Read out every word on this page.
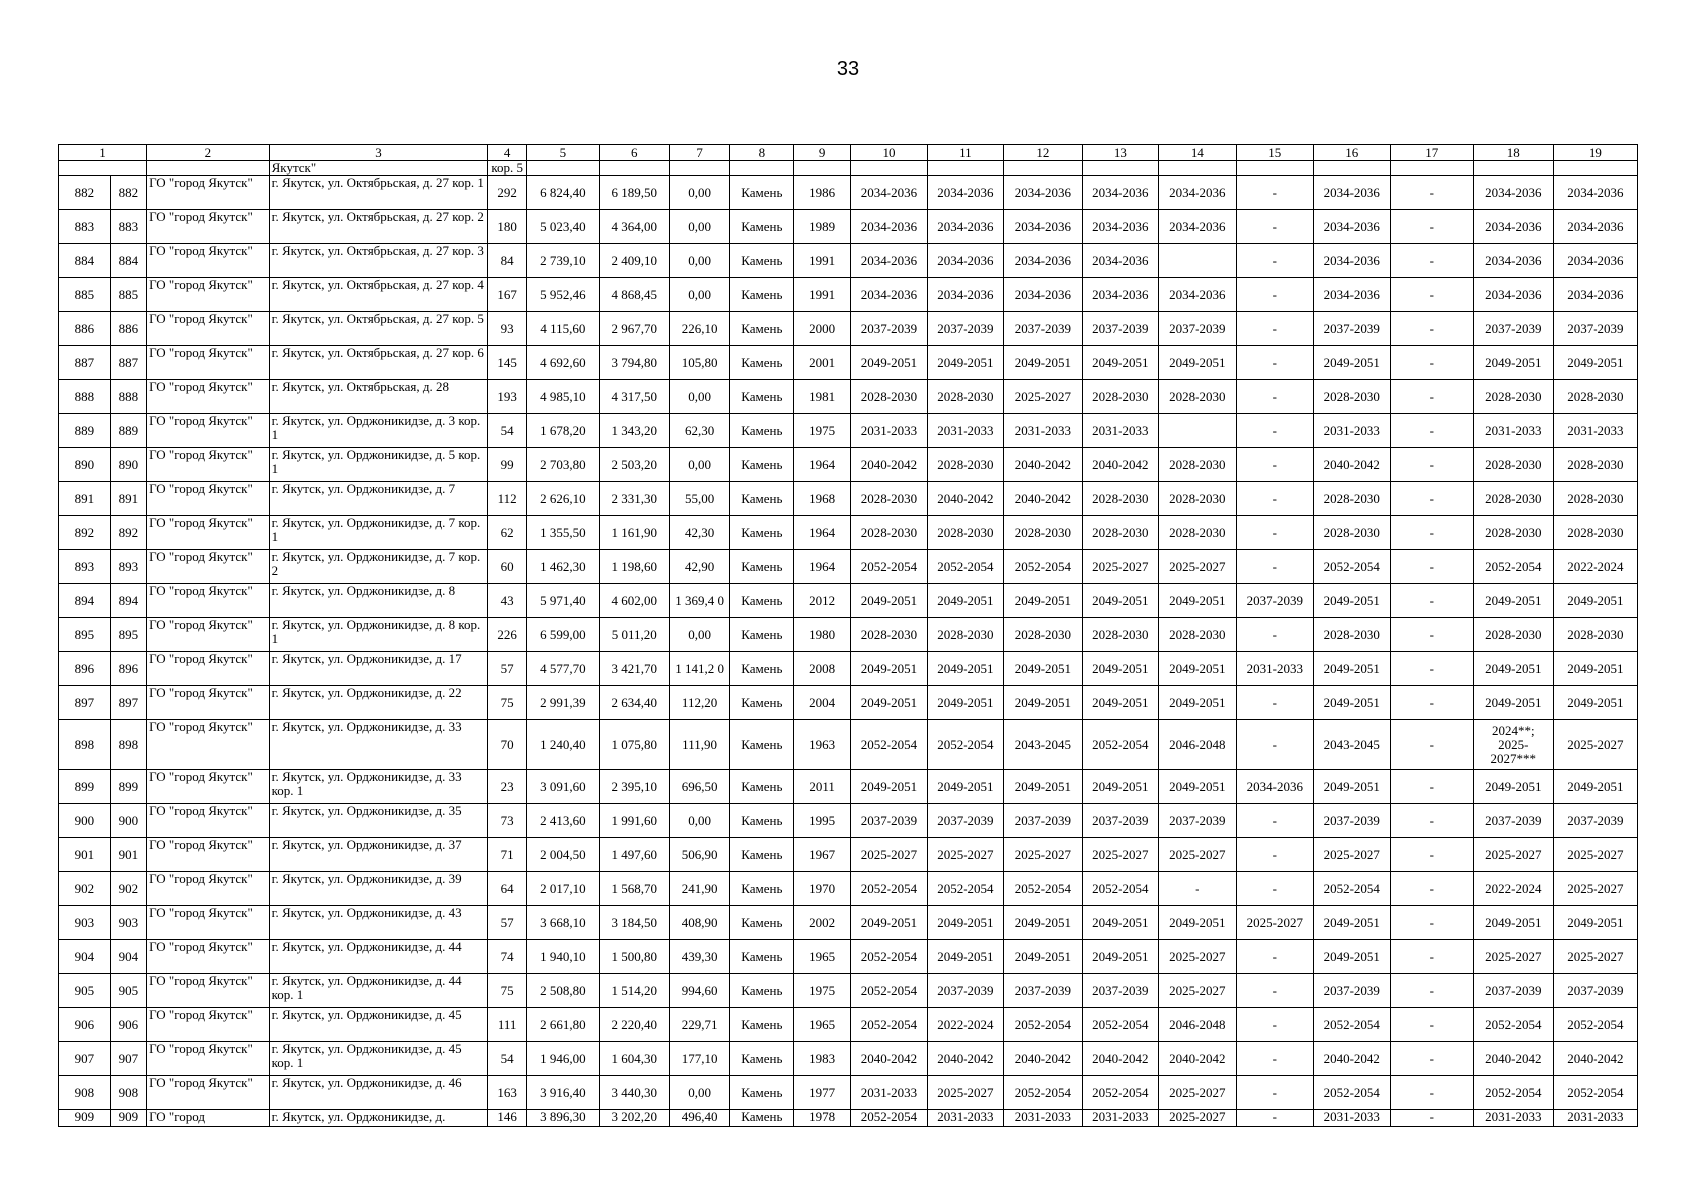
33
1		2	3	4	5	6	7	8	9	10	11	12	13	14	15	16	17	18	19
			Якутск"	кор. 5															
882	882	ГО "город Якутск"	г. Якутск, ул. Октябрьская, д. 27 кор. 1	292	6 824,40	6 189,50	0,00	Камень	1986	2034-2036	2034-2036	2034-2036	2034-2036	2034-2036	-	2034-2036	-	2034-2036	2034-2036
883	883	ГО "город Якутск"	г. Якутск, ул. Октябрьская, д. 27 кор. 2	180	5 023,40	4 364,00	0,00	Камень	1989	2034-2036	2034-2036	2034-2036	2034-2036	2034-2036	-	2034-2036	-	2034-2036	2034-2036
884	884	ГО "город Якутск"	г. Якутск, ул. Октябрьская, д. 27 кор. 3	84	2 739,10	2 409,10	0,00	Камень	1991	2034-2036	2034-2036	2034-2036	2034-2036		-	2034-2036	-	2034-2036	2034-2036
885	885	ГО "город Якутск"	г. Якутск, ул. Октябрьская, д. 27 кор. 4	167	5 952,46	4 868,45	0,00	Камень	1991	2034-2036	2034-2036	2034-2036	2034-2036	2034-2036	-	2034-2036	-	2034-2036	2034-2036
886	886	ГО "город Якутск"	г. Якутск, ул. Октябрьская, д. 27 кор. 5	93	4 115,60	2 967,70	226,10	Камень	2000	2037-2039	2037-2039	2037-2039	2037-2039	2037-2039	-	2037-2039	-	2037-2039	2037-2039
887	887	ГО "город Якутск"	г. Якутск, ул. Октябрьская, д. 27 кор. 6	145	4 692,60	3 794,80	105,80	Камень	2001	2049-2051	2049-2051	2049-2051	2049-2051	2049-2051	-	2049-2051	-	2049-2051	2049-2051
888	888	ГО "город Якутск"	г. Якутск, ул. Октябрьская, д. 28	193	4 985,10	4 317,50	0,00	Камень	1981	2028-2030	2028-2030	2025-2027	2028-2030	2028-2030	-	2028-2030	-	2028-2030	2028-2030
889	889	ГО "город Якутск"	г. Якутск, ул. Орджоникидзе, д. 3 кор. 1	54	1 678,20	1 343,20	62,30	Камень	1975	2031-2033	2031-2033	2031-2033	2031-2033		-	2031-2033	-	2031-2033	2031-2033
890	890	ГО "город Якутск"	г. Якутск, ул. Орджоникидзе, д. 5 кор. 1	99	2 703,80	2 503,20	0,00	Камень	1964	2040-2042	2028-2030	2040-2042	2040-2042	2028-2030	-	2040-2042	-	2028-2030	2028-2030
891	891	ГО "город Якутск"	г. Якутск, ул. Орджоникидзе, д. 7	112	2 626,10	2 331,30	55,00	Камень	1968	2028-2030	2040-2042	2040-2042	2028-2030	2028-2030	-	2028-2030	-	2028-2030	2028-2030
892	892	ГО "город Якутск"	г. Якутск, ул. Орджоникидзе, д. 7 кор. 1	62	1 355,50	1 161,90	42,30	Камень	1964	2028-2030	2028-2030	2028-2030	2028-2030	2028-2030	-	2028-2030	-	2028-2030	2028-2030
893	893	ГО "город Якутск"	г. Якутск, ул. Орджоникидзе, д. 7 кор. 2	60	1 462,30	1 198,60	42,90	Камень	1964	2052-2054	2052-2054	2052-2054	2025-2027	2025-2027	-	2052-2054	-	2052-2054	2022-2024
894	894	ГО "город Якутск"	г. Якутск, ул. Орджоникидзе, д. 8	43	5 971,40	4 602,00	1 369,4 0	Камень	2012	2049-2051	2049-2051	2049-2051	2049-2051	2049-2051	2037-2039	2049-2051	-	2049-2051	2049-2051
895	895	ГО "город Якутск"	г. Якутск, ул. Орджоникидзе, д. 8 кор. 1	226	6 599,00	5 011,20	0,00	Камень	1980	2028-2030	2028-2030	2028-2030	2028-2030	2028-2030	-	2028-2030	-	2028-2030	2028-2030
896	896	ГО "город Якутск"	г. Якутск, ул. Орджоникидзе, д. 17	57	4 577,70	3 421,70	1 141,2 0	Камень	2008	2049-2051	2049-2051	2049-2051	2049-2051	2049-2051	2031-2033	2049-2051	-	2049-2051	2049-2051
897	897	ГО "город Якутск"	г. Якутск, ул. Орджоникидзе, д. 22	75	2 991,39	2 634,40	112,20	Камень	2004	2049-2051	2049-2051	2049-2051	2049-2051	2049-2051	-	2049-2051	-	2049-2051	2049-2051
898	898	ГО "город Якутск"	г. Якутск, ул. Орджоникидзе, д. 33	70	1 240,40	1 075,80	111,90	Камень	1963	2052-2054	2052-2054	2043-2045	2052-2054	2046-2048	-	2043-2045	-	2024**; 2025-2027***	2025-2027
899	899	ГО "город Якутск"	г. Якутск, ул. Орджоникидзе, д. 33 кор. 1	23	3 091,60	2 395,10	696,50	Камень	2011	2049-2051	2049-2051	2049-2051	2049-2051	2049-2051	2034-2036	2049-2051	-	2049-2051	2049-2051
900	900	ГО "город Якутск"	г. Якутск, ул. Орджоникидзе, д. 35	73	2 413,60	1 991,60	0,00	Камень	1995	2037-2039	2037-2039	2037-2039	2037-2039	2037-2039	-	2037-2039	-	2037-2039	2037-2039
901	901	ГО "город Якутск"	г. Якутск, ул. Орджоникидзе, д. 37	71	2 004,50	1 497,60	506,90	Камень	1967	2025-2027	2025-2027	2025-2027	2025-2027	2025-2027	-	2025-2027	-	2025-2027	2025-2027
902	902	ГО "город Якутск"	г. Якутск, ул. Орджоникидзе, д. 39	64	2 017,10	1 568,70	241,90	Камень	1970	2052-2054	2052-2054	2052-2054	2052-2054	-	-	2052-2054	-	2022-2024	2025-2027
903	903	ГО "город Якутск"	г. Якутск, ул. Орджоникидзе, д. 43	57	3 668,10	3 184,50	408,90	Камень	2002	2049-2051	2049-2051	2049-2051	2049-2051	2049-2051	2025-2027	2049-2051	-	2049-2051	2049-2051
904	904	ГО "город Якутск"	г. Якутск, ул. Орджоникидзе, д. 44	74	1 940,10	1 500,80	439,30	Камень	1965	2052-2054	2049-2051	2049-2051	2049-2051	2025-2027	-	2049-2051	-	2025-2027	2025-2027
905	905	ГО "город Якутск"	г. Якутск, ул. Орджоникидзе, д. 44 кор. 1	75	2 508,80	1 514,20	994,60	Камень	1975	2052-2054	2037-2039	2037-2039	2037-2039	2025-2027	-	2037-2039	-	2037-2039	2037-2039
906	906	ГО "город Якутск"	г. Якутск, ул. Орджоникидзе, д. 45	111	2 661,80	2 220,40	229,71	Камень	1965	2052-2054	2022-2024	2052-2054	2052-2054	2046-2048	-	2052-2054	-	2052-2054	2052-2054
907	907	ГО "город Якутск"	г. Якутск, ул. Орджоникидзе, д. 45 кор. 1	54	1 946,00	1 604,30	177,10	Камень	1983	2040-2042	2040-2042	2040-2042	2040-2042	2040-2042	-	2040-2042	-	2040-2042	2040-2042
908	908	ГО "город Якутск"	г. Якутск, ул. Орджоникидзе, д. 46	163	3 916,40	3 440,30	0,00	Камень	1977	2031-2033	2025-2027	2052-2054	2052-2054	2025-2027	-	2052-2054	-	2052-2054	2052-2054
909	909	ГО "город	г. Якутск, ул. Орджоникидзе, д.	146	3 896,30	3 202,20	496,40	Камень	1978	2052-2054	2031-2033	2031-2033	2031-2033	2025-2027	-	2031-2033	-	2031-2033	2031-2033
